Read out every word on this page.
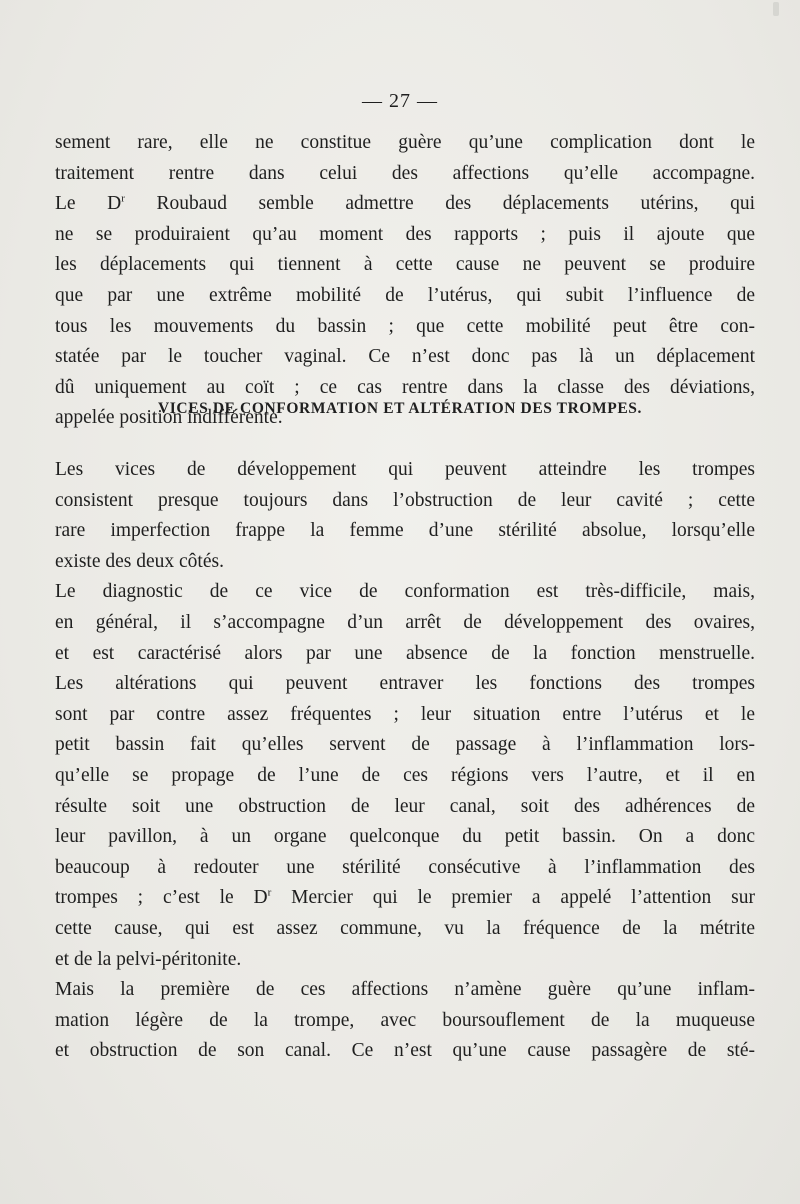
— 27 —
sement rare, elle ne constitue guère qu’une complication dont le
traitement rentre dans celui des affections qu’elle accompagne.
Le $D^r$ Roubaud semble admettre des déplacements utérins, qui
ne se produiraient qu’au moment des rapports ; puis il ajoute que
les déplacements qui tiennent à cette cause ne peuvent se produire
que par une extrême mobilité de l’utérus, qui subit l’influence de
tous les mouvements du bassin ; que cette mobilité peut être con-
statée par le toucher vaginal. Ce n’est donc pas là un déplacement
dû uniquement au coït ; ce cas rentre dans la classe des déviations,
appelée position indifférente.
VICES DE CONFORMATION ET ALTÉRATION DES TROMPES.
Les vices de développement qui peuvent atteindre les trompes
consistent presque toujours dans l’obstruction de leur cavité ; cette
rare imperfection frappe la femme d’une stérilité absolue, lorsqu’elle
existe des deux côtés.
Le diagnostic de ce vice de conformation est très-difficile, mais,
en général, il s’accompagne d’un arrêt de développement des ovaires,
et est caractérisé alors par une absence de la fonction menstruelle.
Les altérations qui peuvent entraver les fonctions des trompes
sont par contre assez fréquentes ; leur situation entre l’utérus et le
petit bassin fait qu’elles servent de passage à l’inflammation lors-
qu’elle se propage de l’une de ces régions vers l’autre, et il en
résulte soit une obstruction de leur canal, soit des adhérences de
leur pavillon, à un organe quelconque du petit bassin. On a donc
beaucoup à redouter une stérilité consécutive à l’inflammation des
trompes ; c’est le $D^r$ Mercier qui le premier a appelé l’attention sur
cette cause, qui est assez commune, vu la fréquence de la métrite
et de la pelvi-péritonite.
Mais la première de ces affections n’amène guère qu’une inflam-
mation légère de la trompe, avec boursouflement de la muqueuse
et obstruction de son canal. Ce n’est qu’une cause passagère de sté-
